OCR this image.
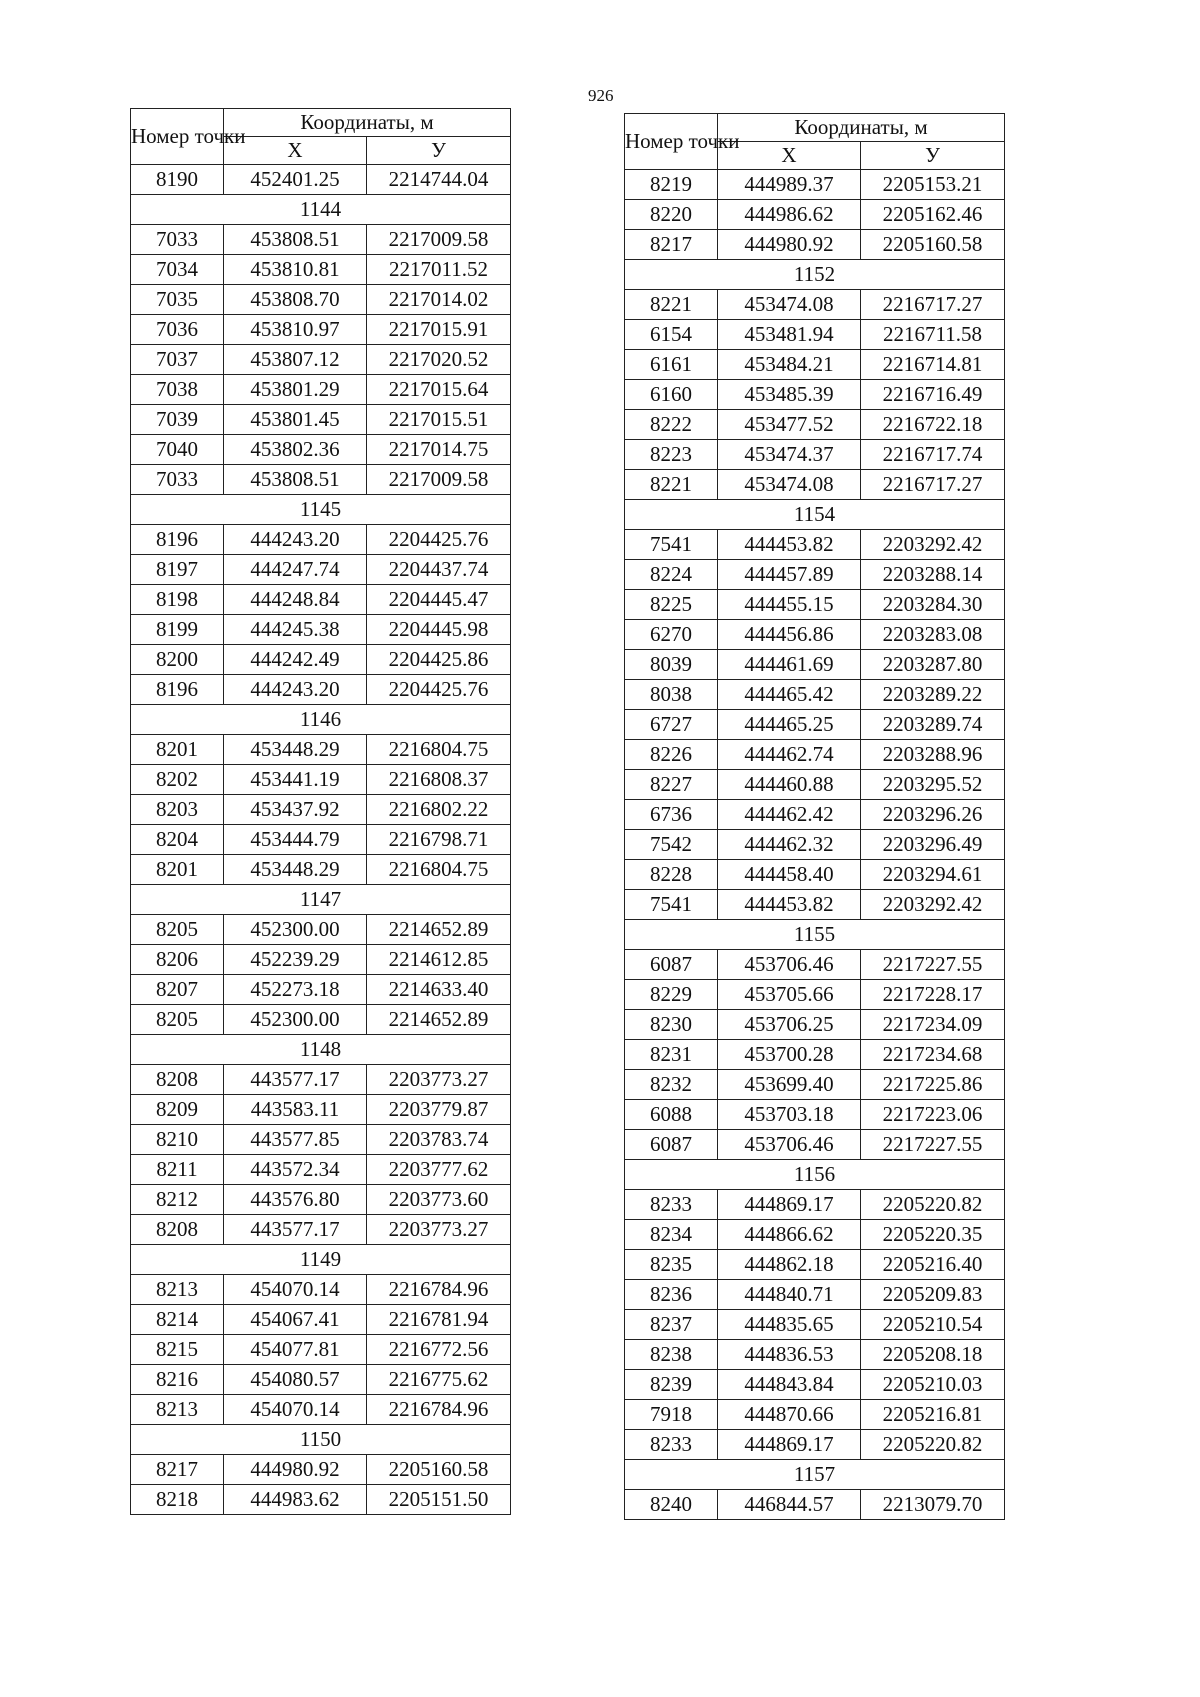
926
Номер точки	Координаты, м	
	Х	У
8190	452401.25	2214744.04
1144		
7033	453808.51	2217009.58
7034	453810.81	2217011.52
7035	453808.70	2217014.02
7036	453810.97	2217015.91
7037	453807.12	2217020.52
7038	453801.29	2217015.64
7039	453801.45	2217015.51
7040	453802.36	2217014.75
7033	453808.51	2217009.58
1145		
8196	444243.20	2204425.76
8197	444247.74	2204437.74
8198	444248.84	2204445.47
8199	444245.38	2204445.98
8200	444242.49	2204425.86
8196	444243.20	2204425.76
1146		
8201	453448.29	2216804.75
8202	453441.19	2216808.37
8203	453437.92	2216802.22
8204	453444.79	2216798.71
8201	453448.29	2216804.75
1147		
8205	452300.00	2214652.89
8206	452239.29	2214612.85
8207	452273.18	2214633.40
8205	452300.00	2214652.89
1148		
8208	443577.17	2203773.27
8209	443583.11	2203779.87
8210	443577.85	2203783.74
8211	443572.34	2203777.62
8212	443576.80	2203773.60
8208	443577.17	2203773.27
1149		
8213	454070.14	2216784.96
8214	454067.41	2216781.94
8215	454077.81	2216772.56
8216	454080.57	2216775.62
8213	454070.14	2216784.96
1150		
8217	444980.92	2205160.58
8218	444983.62	2205151.50
Номер точки	Координаты, м	
	Х	У
8219	444989.37	2205153.21
8220	444986.62	2205162.46
8217	444980.92	2205160.58
1152		
8221	453474.08	2216717.27
6154	453481.94	2216711.58
6161	453484.21	2216714.81
6160	453485.39	2216716.49
8222	453477.52	2216722.18
8223	453474.37	2216717.74
8221	453474.08	2216717.27
1154		
7541	444453.82	2203292.42
8224	444457.89	2203288.14
8225	444455.15	2203284.30
6270	444456.86	2203283.08
8039	444461.69	2203287.80
8038	444465.42	2203289.22
6727	444465.25	2203289.74
8226	444462.74	2203288.96
8227	444460.88	2203295.52
6736	444462.42	2203296.26
7542	444462.32	2203296.49
8228	444458.40	2203294.61
7541	444453.82	2203292.42
1155		
6087	453706.46	2217227.55
8229	453705.66	2217228.17
8230	453706.25	2217234.09
8231	453700.28	2217234.68
8232	453699.40	2217225.86
6088	453703.18	2217223.06
6087	453706.46	2217227.55
1156		
8233	444869.17	2205220.82
8234	444866.62	2205220.35
8235	444862.18	2205216.40
8236	444840.71	2205209.83
8237	444835.65	2205210.54
8238	444836.53	2205208.18
8239	444843.84	2205210.03
7918	444870.66	2205216.81
8233	444869.17	2205220.82
1157		
8240	446844.57	2213079.70
